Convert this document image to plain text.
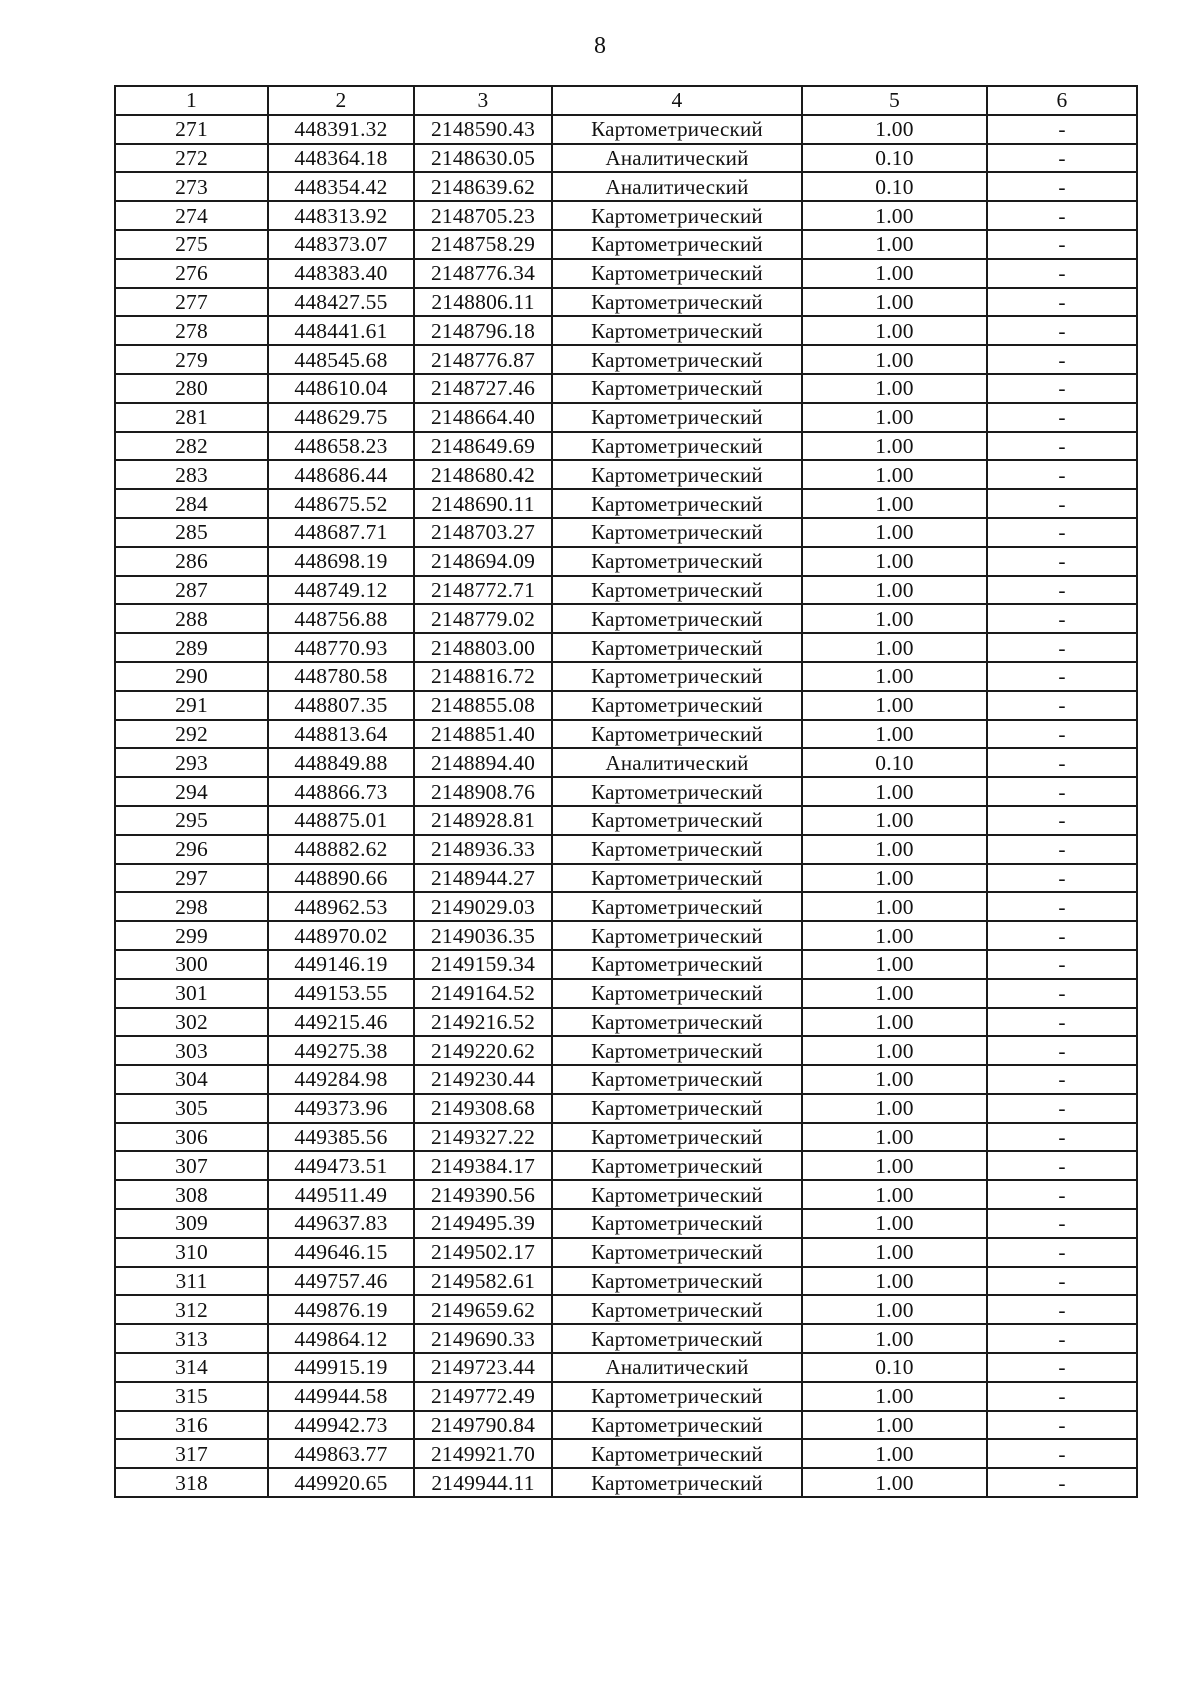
8
1	2	3	4	5	6
271	448391.32	2148590.43	Картометрический	1.00	-
272	448364.18	2148630.05	Аналитический	0.10	-
273	448354.42	2148639.62	Аналитический	0.10	-
274	448313.92	2148705.23	Картометрический	1.00	-
275	448373.07	2148758.29	Картометрический	1.00	-
276	448383.40	2148776.34	Картометрический	1.00	-
277	448427.55	2148806.11	Картометрический	1.00	-
278	448441.61	2148796.18	Картометрический	1.00	-
279	448545.68	2148776.87	Картометрический	1.00	-
280	448610.04	2148727.46	Картометрический	1.00	-
281	448629.75	2148664.40	Картометрический	1.00	-
282	448658.23	2148649.69	Картометрический	1.00	-
283	448686.44	2148680.42	Картометрический	1.00	-
284	448675.52	2148690.11	Картометрический	1.00	-
285	448687.71	2148703.27	Картометрический	1.00	-
286	448698.19	2148694.09	Картометрический	1.00	-
287	448749.12	2148772.71	Картометрический	1.00	-
288	448756.88	2148779.02	Картометрический	1.00	-
289	448770.93	2148803.00	Картометрический	1.00	-
290	448780.58	2148816.72	Картометрический	1.00	-
291	448807.35	2148855.08	Картометрический	1.00	-
292	448813.64	2148851.40	Картометрический	1.00	-
293	448849.88	2148894.40	Аналитический	0.10	-
294	448866.73	2148908.76	Картометрический	1.00	-
295	448875.01	2148928.81	Картометрический	1.00	-
296	448882.62	2148936.33	Картометрический	1.00	-
297	448890.66	2148944.27	Картометрический	1.00	-
298	448962.53	2149029.03	Картометрический	1.00	-
299	448970.02	2149036.35	Картометрический	1.00	-
300	449146.19	2149159.34	Картометрический	1.00	-
301	449153.55	2149164.52	Картометрический	1.00	-
302	449215.46	2149216.52	Картометрический	1.00	-
303	449275.38	2149220.62	Картометрический	1.00	-
304	449284.98	2149230.44	Картометрический	1.00	-
305	449373.96	2149308.68	Картометрический	1.00	-
306	449385.56	2149327.22	Картометрический	1.00	-
307	449473.51	2149384.17	Картометрический	1.00	-
308	449511.49	2149390.56	Картометрический	1.00	-
309	449637.83	2149495.39	Картометрический	1.00	-
310	449646.15	2149502.17	Картометрический	1.00	-
311	449757.46	2149582.61	Картометрический	1.00	-
312	449876.19	2149659.62	Картометрический	1.00	-
313	449864.12	2149690.33	Картометрический	1.00	-
314	449915.19	2149723.44	Аналитический	0.10	-
315	449944.58	2149772.49	Картометрический	1.00	-
316	449942.73	2149790.84	Картометрический	1.00	-
317	449863.77	2149921.70	Картометрический	1.00	-
318	449920.65	2149944.11	Картометрический	1.00	-
